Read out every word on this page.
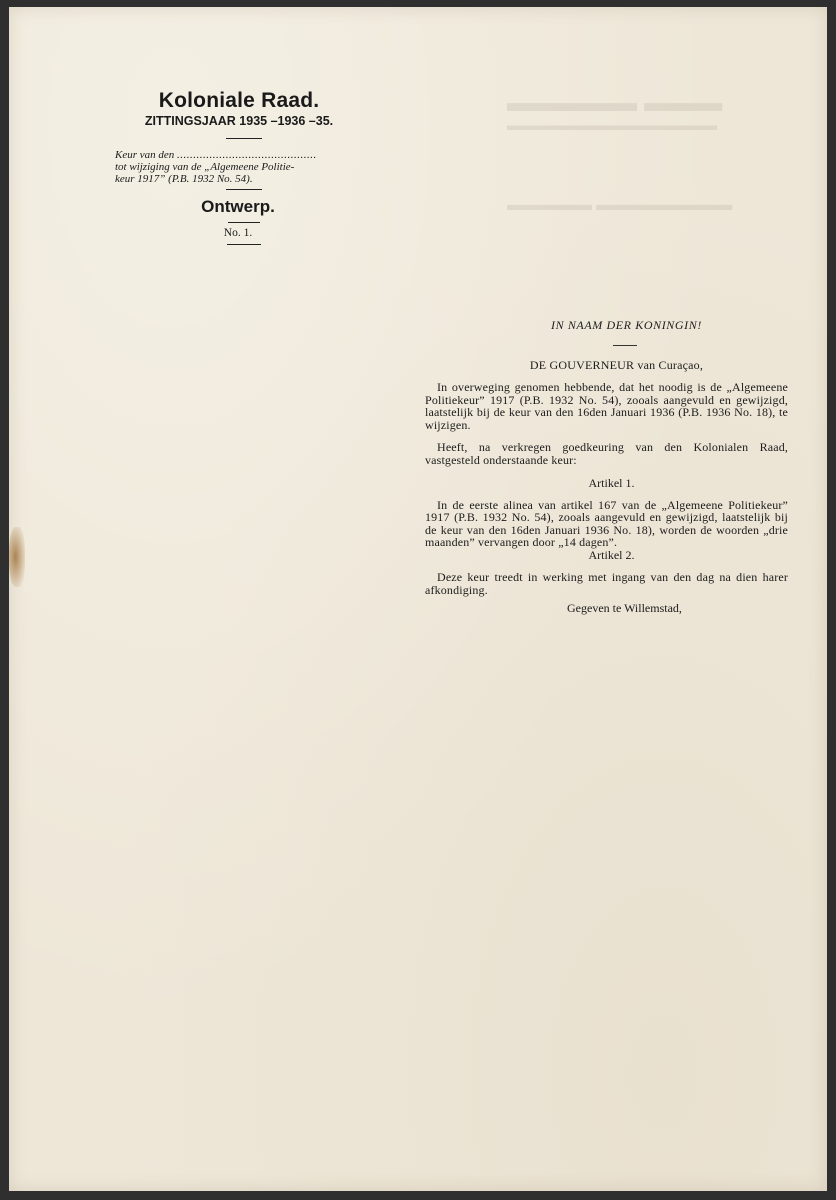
▬▬▬▬▬ ▬▬▬
▬▬▬▬▬▬▬▬▬▬▬▬▬▬
▬▬▬▬▬ ▬▬▬▬▬▬▬▬
Koloniale Raad.
ZITTINGSJAAR 1935 –1936 –35.
Keur van den ...........................................
tot wijziging van de „Algemeene Politie-
keur 1917” (P.B. 1932 No. 54).
Ontwerp.
No. 1.
IN NAAM DER KONINGIN!
DE GOUVERNEUR van Curaçao,
In overweging genomen hebbende, dat het noodig is de „Algemeene Politiekeur” 1917 (P.B. 1932 No. 54), zooals aangevuld en gewijzigd, laatstelijk bij de keur van den 16den Januari 1936 (P.B. 1936 No. 18), te wijzigen.
Heeft, na verkregen goedkeuring van den Kolonialen Raad, vastgesteld onderstaande keur:
Artikel 1.
In de eerste alinea van artikel 167 van de „Algemeene Politiekeur” 1917 (P.B. 1932 No. 54), zooals aangevuld en gewijzigd, laatstelijk bij de keur van den 16den Januari 1936 No. 18), worden de woorden „drie maanden” vervangen door „14 dagen”.
Artikel 2.
Deze keur treedt in werking met ingang van den dag na dien harer afkondiging.
Gegeven te Willemstad,
